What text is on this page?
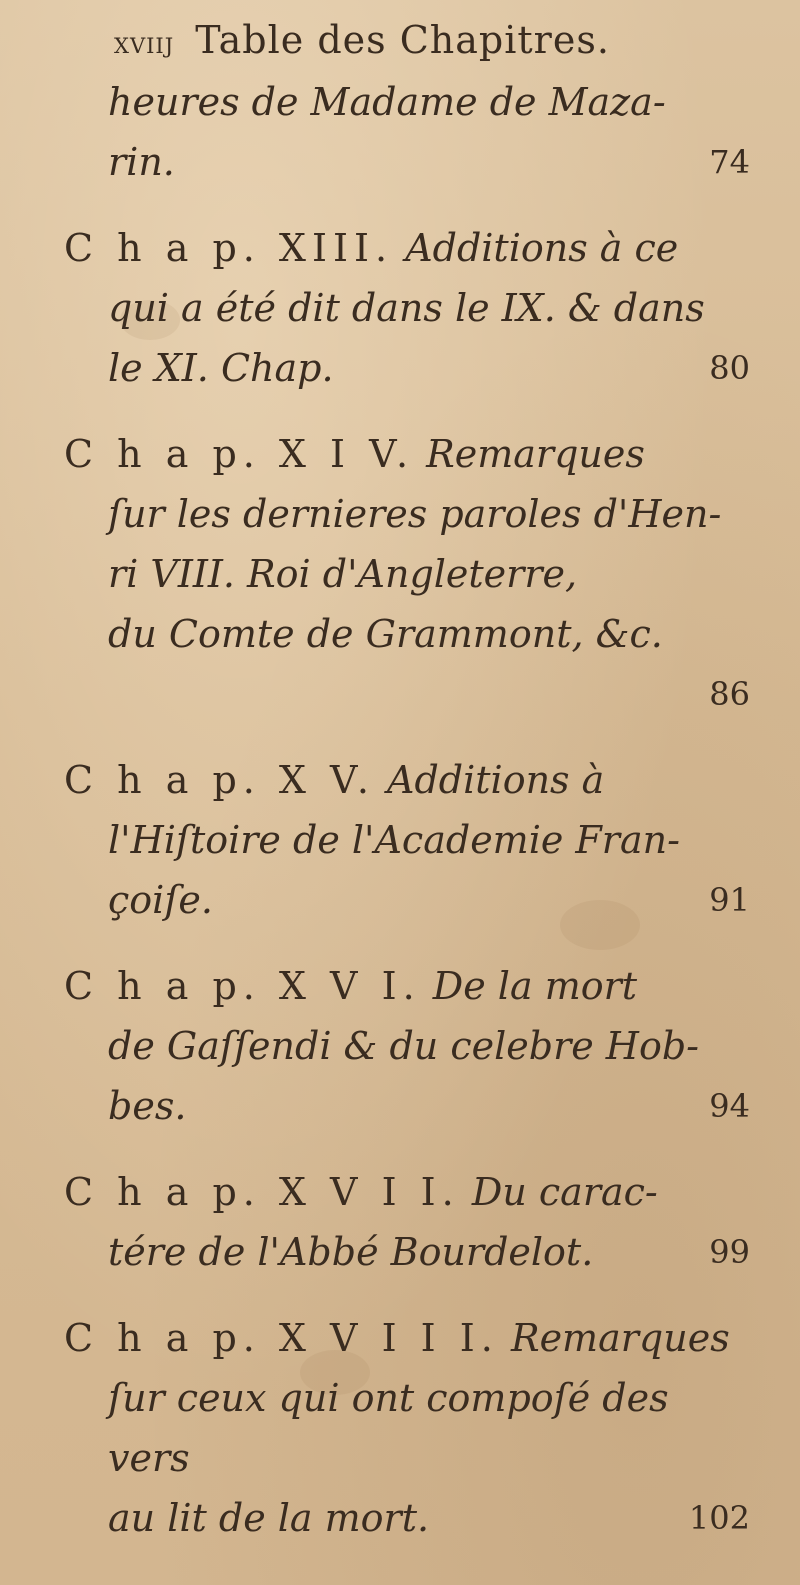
xviij Table des Chapitres.
heures de Madame de Maza-
rin.	74
C h a p. XIII. Additions à ce
qui a été dit dans le IX. & dans
le XI. Chap.	80
C h a p. X I V. Remarques
ſur les dernieres paroles d'Hen-
ri VIII. Roi d'Angleterre,
du Comte de Grammont, &c.
86
C h a p. X V. Additions à
l'Hiſtoire de l'Academie Fran-
çoiſe.	91
C h a p. X V I. De la mort
de Gaſſendi & du celebre Hob-
bes.	94
C h a p. X V I I. Du carac-
tére de l'Abbé Bourdelot.	99
C h a p. X V I I I. Remarques
ſur ceux qui ont compoſé des vers
au lit de la mort.	102
